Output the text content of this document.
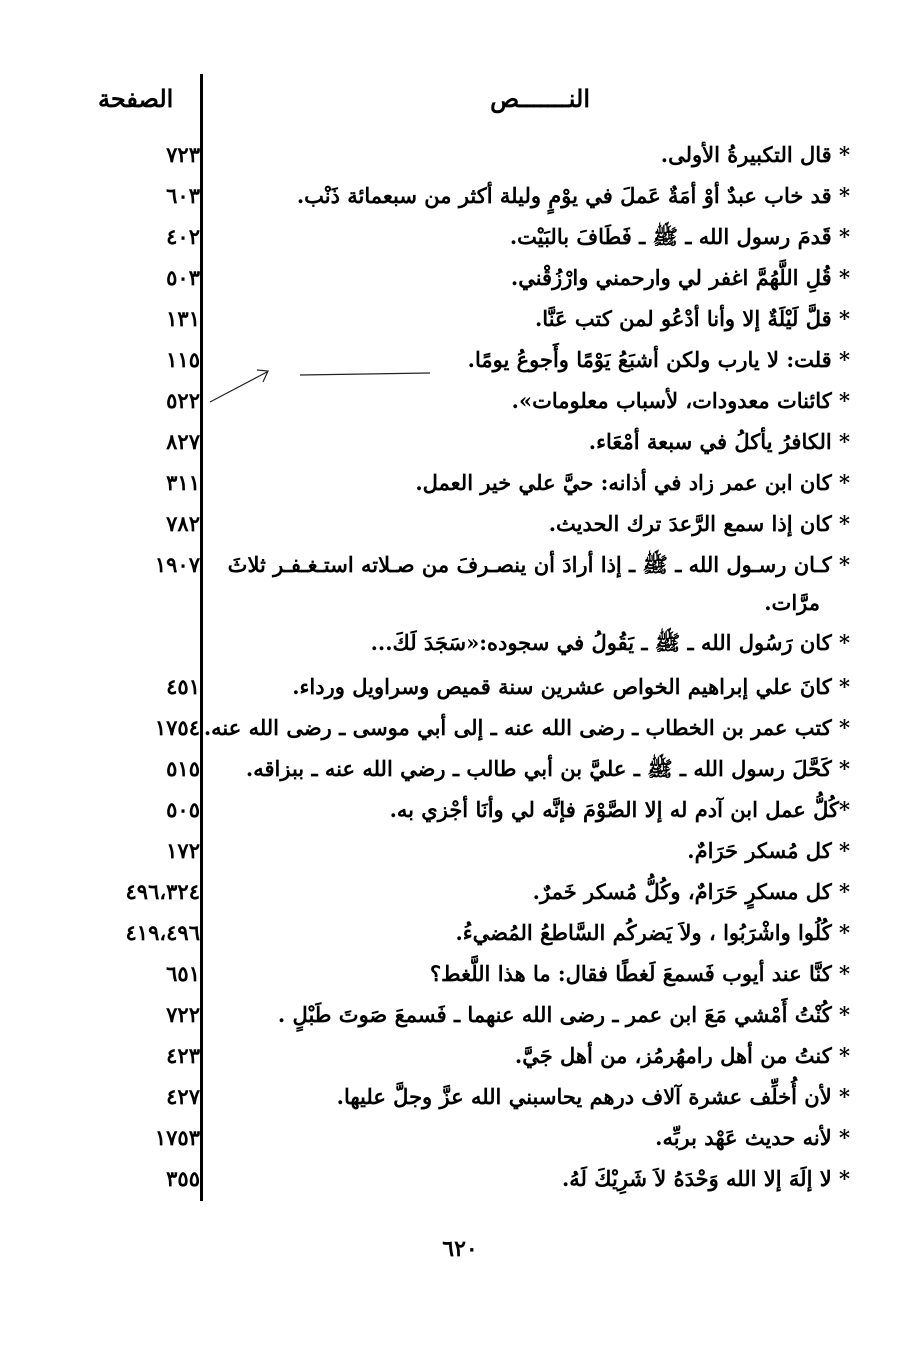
النـــــــص
الصفحة
* قال التكبيرةُ الأولى.
٧٢٣
* قد خاب عبدٌ أوْ أمَةٌ عَملَ في يوْمٍ وليلة أكثر من سبعمائة ذَنْب.
٦٠٣
* قَدمَ رسول الله ـ ﷺ ـ فَطَافَ بالبَيْت.
٤٠٢
* قُلِ اللَّهُمَّ اغفر لي وارحمني وارْزُقْني.
٥٠٣
* قلَّ لَيْلَةٌ إلا وأنا أدْعُو لمن كتب عَنَّا.
١٣١
* قلت: لا يارب ولكن أشبَعُ يَوْمًا وأَجوعُ يومًا.
١١٥
* كائنات معدودات، لأسباب معلومات».
٥٢٢
* الكافرُ يأكلُ في سبعة أمْعَاء.
٨٢٧
* كان ابن عمر زاد في أذانه: حيَّ علي خير العمل.
٣١١
* كان إذا سمع الرَّعدَ ترك الحديث.
٧٨٢
* كـان رسـول الله ـ ﷺ ـ إذا أرادَ أن ينصـرفَ من صـلاته استـغـفـر ثلاثَ
١٩٠٧
مرَّات.
* كان رَسُول الله ـ ﷺ ـ يَقُولُ في سجوده:«سَجَدَ لَكَ...
* كانَ علي إبراهيم الخواص عشرين سنة قميص وسراويل ورداء.
٤٥١
* كتب عمر بن الخطاب ـ رضى الله عنه ـ إلى أبي موسى ـ رضى الله عنه.
١٧٥٤
* كَحَّلَ رسول الله ـ ﷺ ـ عليَّ بن أبي طالب ـ رضي الله عنه ـ ببزاقه.
٥١٥
*كُلُّ عمل ابن آدم له إلا الصَّوْمَ فإنَّه لي وأنَا أجْزي به.
٥٠٥
* كل مُسكر حَرَامٌ.
١٧٢
* كل مسكرٍ حَرَامٌ، وكُلُّ مُسكر خَمرٌ.
٤٩٦،٣٢٤
* كُلُوا واشْرَبُوا ، ولاَ يَضركُم السَّاطعُ المُضيءُ.
٤١٩،٤٩٦
* كنَّا عند أيوب فَسمعَ لَغطًا فقال: ما هذا اللَّغط؟
٦٥١
* كُنْتُ أَمْشي مَعَ ابن عمر ـ رضى الله عنهما ـ فَسمعَ صَوتَ طَبْلٍ .
٧٢٢
* كنتُ من أهل رامهُرمُز، من أهل جَيَّ.
٤٢٣
* لأن أُخلِّف عشرة آلاف درهم يحاسبني الله عزَّ وجلَّ عليها.
٤٢٧
* لأنه حديث عَهْد بربِّه.
١٧٥٣
* لا إلَهَ إلا الله وَحْدَهُ لاَ شَرِيْكَ لَهُ.
٣٥٥
٦٢٠
